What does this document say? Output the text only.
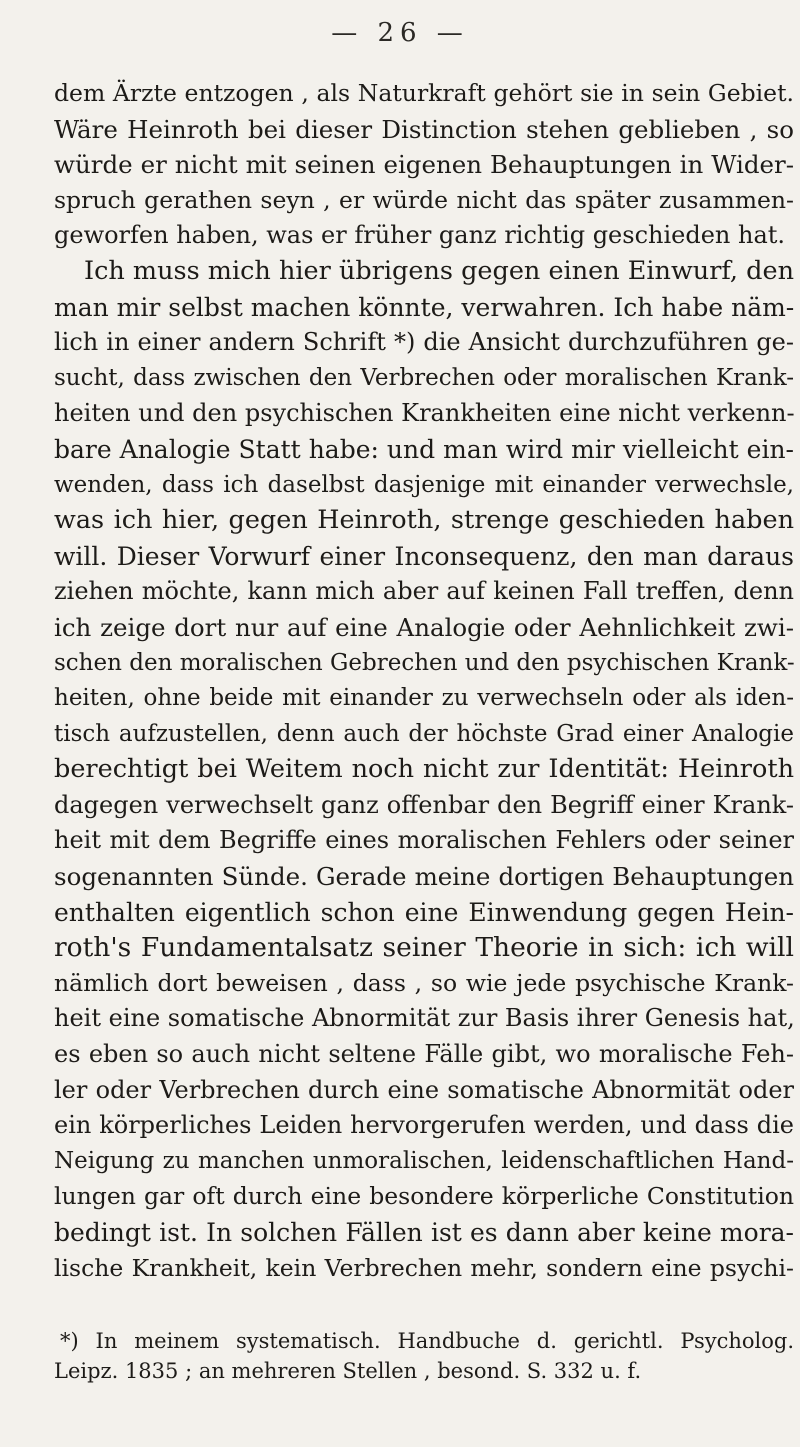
— 26 —
dem Ärzte entzogen , als Naturkraft gehört sie in sein Gebiet.
Wäre Heinroth bei dieser Distinction stehen geblieben , so
würde er nicht mit seinen eigenen Behauptungen in Wider-
spruch gerathen seyn , er würde nicht das später zusammen-
geworfen haben, was er früher ganz richtig geschieden hat.
Ich muss mich hier übrigens gegen einen Einwurf, den
man mir selbst machen könnte, verwahren. Ich habe näm-
lich in einer andern Schrift *) die Ansicht durchzuführen ge-
sucht, dass zwischen den Verbrechen oder moralischen Krank-
heiten und den psychischen Krankheiten eine nicht verkenn-
bare Analogie Statt habe: und man wird mir vielleicht ein-
wenden, dass ich daselbst dasjenige mit einander verwechsle,
was ich hier, gegen Heinroth, strenge geschieden haben
will. Dieser Vorwurf einer Inconsequenz, den man daraus
ziehen möchte, kann mich aber auf keinen Fall treffen, denn
ich zeige dort nur auf eine Analogie oder Aehnlichkeit zwi-
schen den moralischen Gebrechen und den psychischen Krank-
heiten, ohne beide mit einander zu verwechseln oder als iden-
tisch aufzustellen, denn auch der höchste Grad einer Analogie
berechtigt bei Weitem noch nicht zur Identität: Heinroth
dagegen verwechselt ganz offenbar den Begriff einer Krank-
heit mit dem Begriffe eines moralischen Fehlers oder seiner
sogenannten Sünde. Gerade meine dortigen Behauptungen
enthalten eigentlich schon eine Einwendung gegen Hein-
roth's Fundamentalsatz seiner Theorie in sich: ich will
nämlich dort beweisen , dass , so wie jede psychische Krank-
heit eine somatische Abnormität zur Basis ihrer Genesis hat,
es eben so auch nicht seltene Fälle gibt, wo moralische Feh-
ler oder Verbrechen durch eine somatische Abnormität oder
ein körperliches Leiden hervorgerufen werden, und dass die
Neigung zu manchen unmoralischen, leidenschaftlichen Hand-
lungen gar oft durch eine besondere körperliche Constitution
bedingt ist. In solchen Fällen ist es dann aber keine mora-
lische Krankheit, kein Verbrechen mehr, sondern eine psychi-
*) In meinem systematisch. Handbuche d. gerichtl. Psycholog.
Leipz. 1835 ; an mehreren Stellen , besond. S. 332 u. f.
